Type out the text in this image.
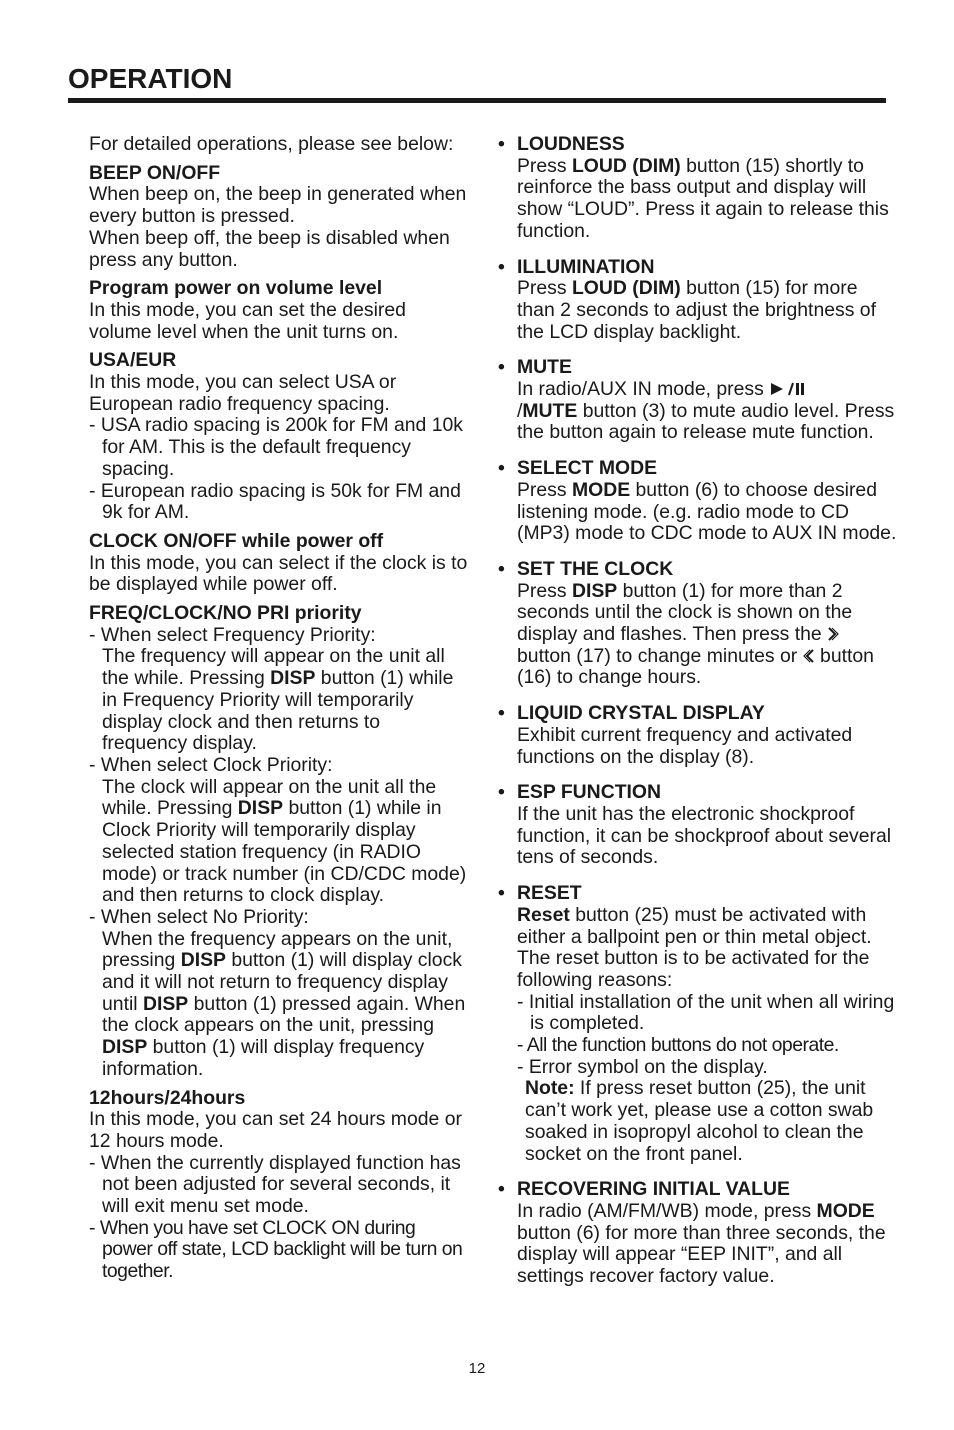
OPERATION

For detailed operations, please see below:

BEEP ON/OFF

When beep on, the beep in generated when every button is pressed.

When beep off, the beep is disabled when press any button.

Program power on volume level

In this mode, you can set the desired volume level when the unit turns on.

USA/EUR

In this mode, you can select USA or European radio frequency spacing.

- USA radio spacing is 200k for FM and 10k for AM. This is the default frequency spacing.

- European radio spacing is 50k for FM and 9k for AM.

CLOCK ON/OFF while power off

In this mode, you can select if the clock is to be displayed while power off.

FREQ/CLOCK/NO PRI priority

- When select Frequency Priority:
The frequency will appear on the unit all the while. Pressing DISP button (1) while in Frequency Priority will temporarily display clock and then returns to frequency display.

- When select Clock Priority:
The clock will appear on the unit all the while. Pressing DISP button (1) while in Clock Priority will temporarily display selected station frequency (in RADIO mode) or track number (in CD/CDC mode) and then returns to clock display.

- When select No Priority:
When the frequency appears on the unit, pressing DISP button (1) will display clock and it will not return to frequency display until DISP button (1) pressed again. When the clock appears on the unit, pressing DISP button (1) will display frequency information.

12hours/24hours

In this mode, you can set 24 hours mode or 12 hours mode.

- When the currently displayed function has not been adjusted for several seconds, it will exit menu set mode.

- When you have set CLOCK ON during power off state, LCD backlight will be turn on together.

• LOUDNESS

Press LOUD (DIM) button (15) shortly to reinforce the bass output and display will show “LOUD”. Press it again to release this function.

• ILLUMINATION

Press LOUD (DIM) button (15) for more than 2 seconds to adjust the brightness of the LCD display backlight.

• MUTE

In radio/AUX IN mode, press
/MUTE button (3) to mute audio level. Press the button again to release mute function.

• SELECT MODE

Press MODE button (6) to choose desired listening mode. (e.g. radio mode to CD (MP3) mode to CDC mode to AUX IN mode.

• SET THE CLOCK

Press DISP button (1) for more than 2 seconds until the clock is shown on the display and flashes. Then press the  button (17) to change minutes or  button (16) to change hours.

• LIQUID CRYSTAL DISPLAY

Exhibit current frequency and activated functions on the display (8).

• ESP FUNCTION

If the unit has the electronic shockproof function, it can be shockproof about several tens of seconds.

• RESET

Reset button (25) must be activated with either a ballpoint pen or thin metal object. The reset button is to be activated for the following reasons:

- Initial installation of the unit when all wiring is completed.

- All the function buttons do not operate.

- Error symbol on the display.

Note: If press reset button (25), the unit can’t work yet, please use a cotton swab soaked in isopropyl alcohol to clean the socket on the front panel.

• RECOVERING INITIAL VALUE

In radio (AM/FM/WB) mode, press MODE button (6) for more than three seconds, the display will appear “EEP INIT”, and all settings recover factory value.

12
